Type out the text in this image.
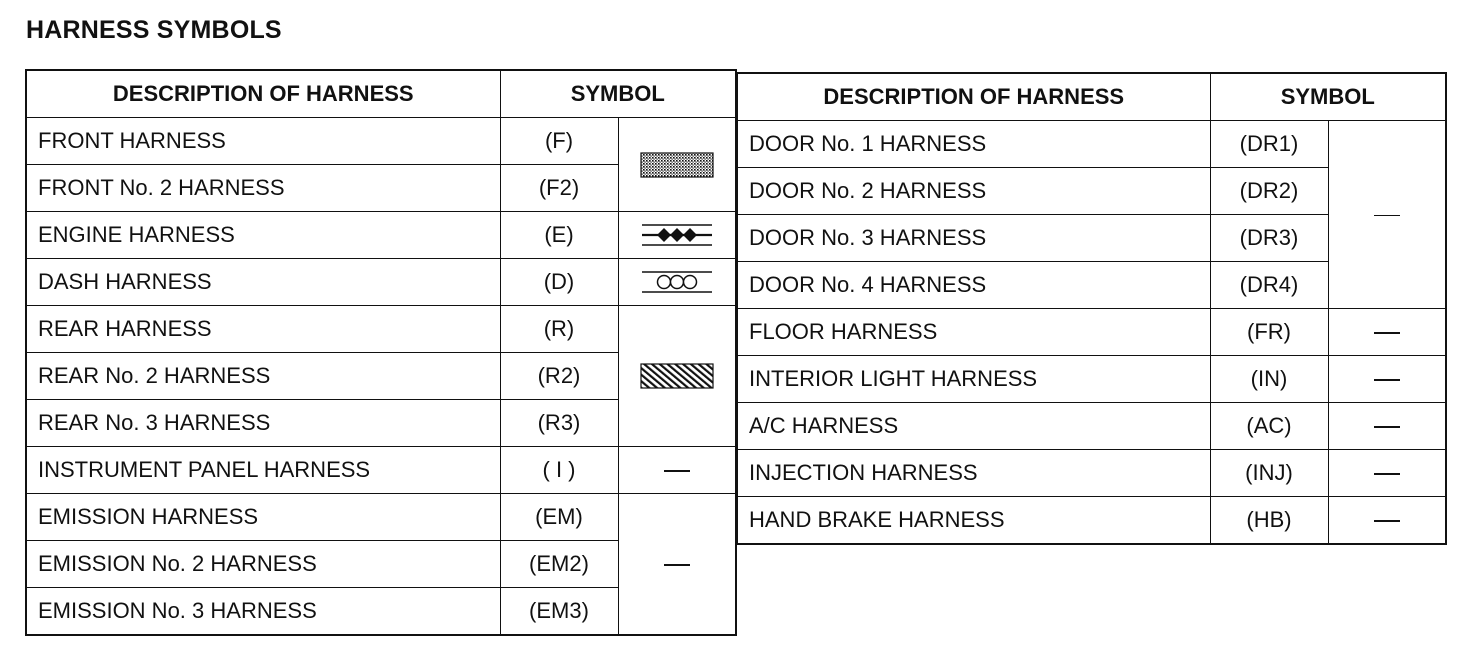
HARNESS SYMBOLS
DESCRIPTION OF HARNESS	SYMBOL	
FRONT HARNESS	(F)	

FRONT No. 2 HARNESS	(F2)	
ENGINE HARNESS	(E)	

DASH HARNESS	(D)	

REAR HARNESS	(R)	

REAR No. 2 HARNESS	(R2)	
REAR No. 3 HARNESS	(R3)	
INSTRUMENT PANEL HARNESS	( I )	
EMISSION HARNESS	(EM)	
EMISSION No. 2 HARNESS	(EM2)	
EMISSION No. 3 HARNESS	(EM3)	
DESCRIPTION OF HARNESS	SYMBOL	
DOOR No. 1 HARNESS	(DR1)	
DOOR No. 2 HARNESS	(DR2)	
DOOR No. 3 HARNESS	(DR3)	
DOOR No. 4 HARNESS	(DR4)	
FLOOR HARNESS	(FR)	
INTERIOR LIGHT HARNESS	(IN)	
A/C HARNESS	(AC)	
INJECTION HARNESS	(INJ)	
HAND BRAKE HARNESS	(HB)	
